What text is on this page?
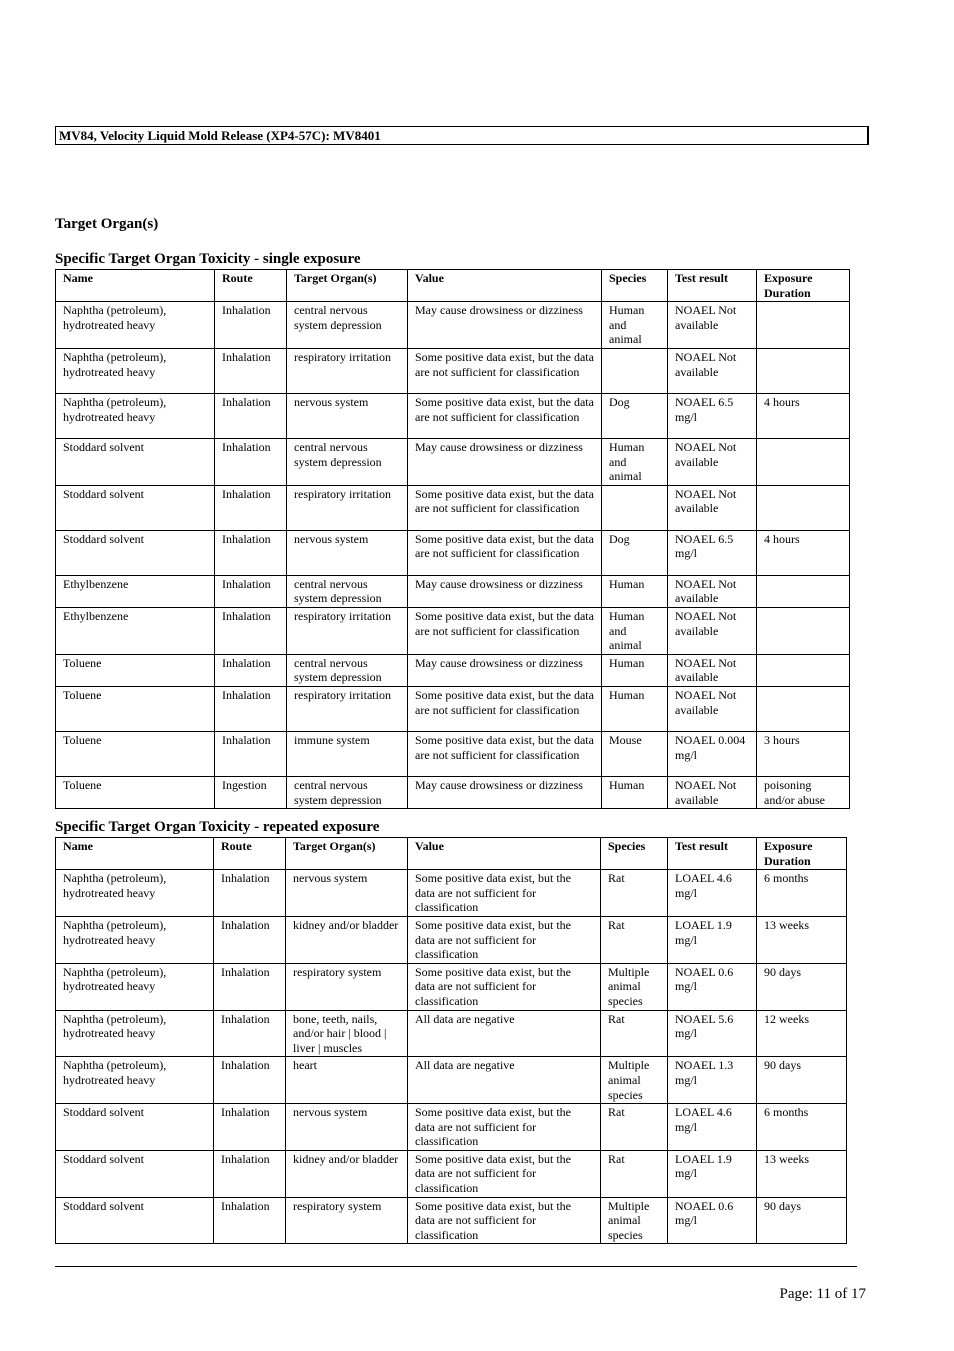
MV84, Velocity Liquid Mold Release (XP4-57C): MV8401
Target Organ(s)
Specific Target Organ Toxicity - single exposure
Name	Route	Target Organ(s)	Value	Species	Test result	Exposure Duration
Naphtha (petroleum), hydrotreated heavy	Inhalation	central nervous system depression	May cause drowsiness or dizziness	Human and animal	NOAEL Not available	
Naphtha (petroleum), hydrotreated heavy	Inhalation	respiratory irritation	Some positive data exist, but the data are not sufficient for classification		NOAEL Not available	
Naphtha (petroleum), hydrotreated heavy	Inhalation	nervous system	Some positive data exist, but the data are not sufficient for classification	Dog	NOAEL 6.5 mg/l	4 hours
Stoddard solvent	Inhalation	central nervous system depression	May cause drowsiness or dizziness	Human and animal	NOAEL Not available	
Stoddard solvent	Inhalation	respiratory irritation	Some positive data exist, but the data are not sufficient for classification		NOAEL Not available	
Stoddard solvent	Inhalation	nervous system	Some positive data exist, but the data are not sufficient for classification	Dog	NOAEL 6.5 mg/l	4 hours
Ethylbenzene	Inhalation	central nervous system depression	May cause drowsiness or dizziness	Human	NOAEL Not available	
Ethylbenzene	Inhalation	respiratory irritation	Some positive data exist, but the data are not sufficient for classification	Human and animal	NOAEL Not available	
Toluene	Inhalation	central nervous system depression	May cause drowsiness or dizziness	Human	NOAEL Not available	
Toluene	Inhalation	respiratory irritation	Some positive data exist, but the data are not sufficient for classification	Human	NOAEL Not available	
Toluene	Inhalation	immune system	Some positive data exist, but the data are not sufficient for classification	Mouse	NOAEL 0.004 mg/l	3 hours
Toluene	Ingestion	central nervous system depression	May cause drowsiness or dizziness	Human	NOAEL Not available	poisoning and/or abuse
Specific Target Organ Toxicity - repeated exposure
Name	Route	Target Organ(s)	Value	Species	Test result	Exposure Duration
Naphtha (petroleum), hydrotreated heavy	Inhalation	nervous system	Some positive data exist, but the data are not sufficient for classification	Rat	LOAEL 4.6 mg/l	6 months
Naphtha (petroleum), hydrotreated heavy	Inhalation	kidney and/or bladder	Some positive data exist, but the data are not sufficient for classification	Rat	LOAEL 1.9 mg/l	13 weeks
Naphtha (petroleum), hydrotreated heavy	Inhalation	respiratory system	Some positive data exist, but the data are not sufficient for classification	Multiple animal species	NOAEL 0.6 mg/l	90 days
Naphtha (petroleum), hydrotreated heavy	Inhalation	bone, teeth, nails, and/or hair | blood | liver | muscles	All data are negative	Rat	NOAEL 5.6 mg/l	12 weeks
Naphtha (petroleum), hydrotreated heavy	Inhalation	heart	All data are negative	Multiple animal species	NOAEL 1.3 mg/l	90 days
Stoddard solvent	Inhalation	nervous system	Some positive data exist, but the data are not sufficient for classification	Rat	LOAEL 4.6 mg/l	6 months
Stoddard solvent	Inhalation	kidney and/or bladder	Some positive data exist, but the data are not sufficient for classification	Rat	LOAEL 1.9 mg/l	13 weeks
Stoddard solvent	Inhalation	respiratory system	Some positive data exist, but the data are not sufficient for classification	Multiple animal species	NOAEL 0.6 mg/l	90 days
Page: 11 of 17
